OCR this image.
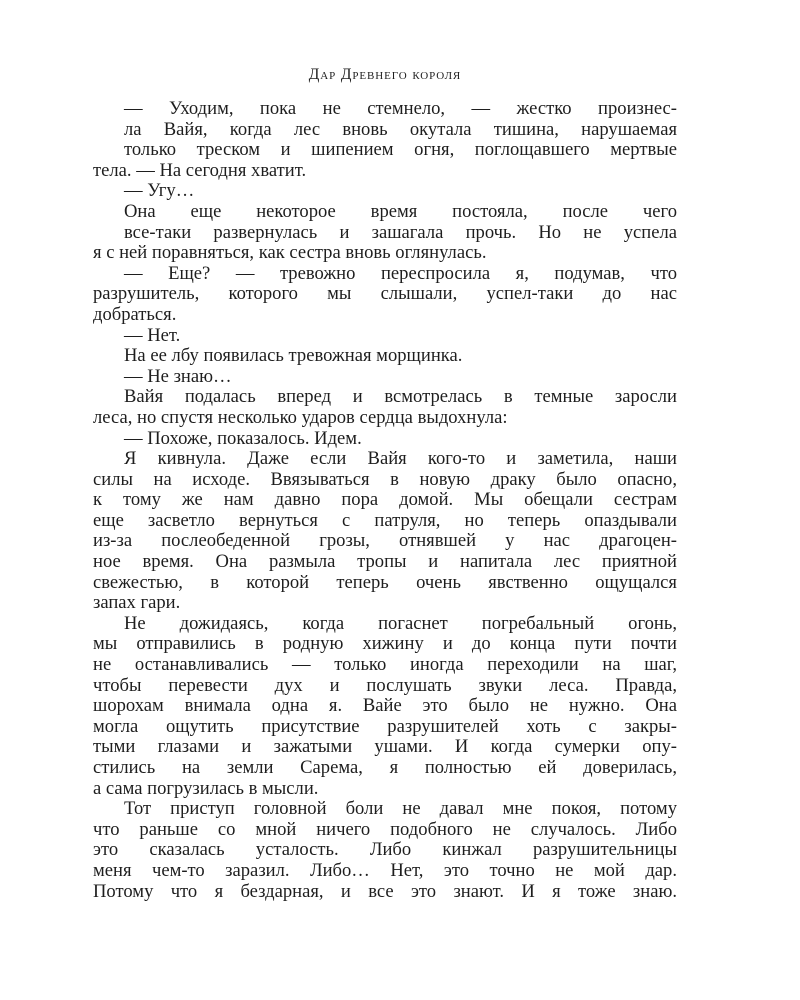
Дар Древнего короля

— Уходим, пока не стемнело, — жестко произнес-

ла Вайя, когда лес вновь окутала тишина, нарушаемая

только треском и шипением огня, поглощавшего мертвые

тела. — На сегодня хватит.

— Угу…

Она еще некоторое время постояла, после чего

все-таки развернулась и зашагала прочь. Но не успела

я с ней поравняться, как сестра вновь оглянулась.

— Еще? — тревожно переспросила я, подумав, что

разрушитель, которого мы слышали, успел-таки до нас

добраться.

— Нет.

На ее лбу появилась тревожная морщинка.

— Не знаю…

Вайя подалась вперед и всмотрелась в темные заросли

леса, но спустя несколько ударов сердца выдохнула:

— Похоже, показалось. Идем.

Я кивнула. Даже если Вайя кого-то и заметила, наши

силы на исходе. Ввязываться в новую драку было опасно,

к тому же нам давно пора домой. Мы обещали сестрам

еще засветло вернуться с патруля, но теперь опаздывали

из-за послеобеденной грозы, отнявшей у нас драгоцен-

ное время. Она размыла тропы и напитала лес приятной

свежестью, в которой теперь очень явственно ощущался

запах гари.

Не дожидаясь, когда погаснет погребальный огонь,

мы отправились в родную хижину и до конца пути почти

не останавливались — только иногда переходили на шаг,

чтобы перевести дух и послушать звуки леса. Правда,

шорохам внимала одна я. Вайе это было не нужно. Она

могла ощутить присутствие разрушителей хоть с закры-

тыми глазами и зажатыми ушами. И когда сумерки опу-

стились на земли Сарема, я полностью ей доверилась,

а сама погрузилась в мысли.

Тот приступ головной боли не давал мне покоя, потому

что раньше со мной ничего подобного не случалось. Либо

это сказалась усталость. Либо кинжал разрушительницы

меня чем-то заразил. Либо… Нет, это точно не мой дар.

Потому что я бездарная, и все это знают. И я тоже знаю.
